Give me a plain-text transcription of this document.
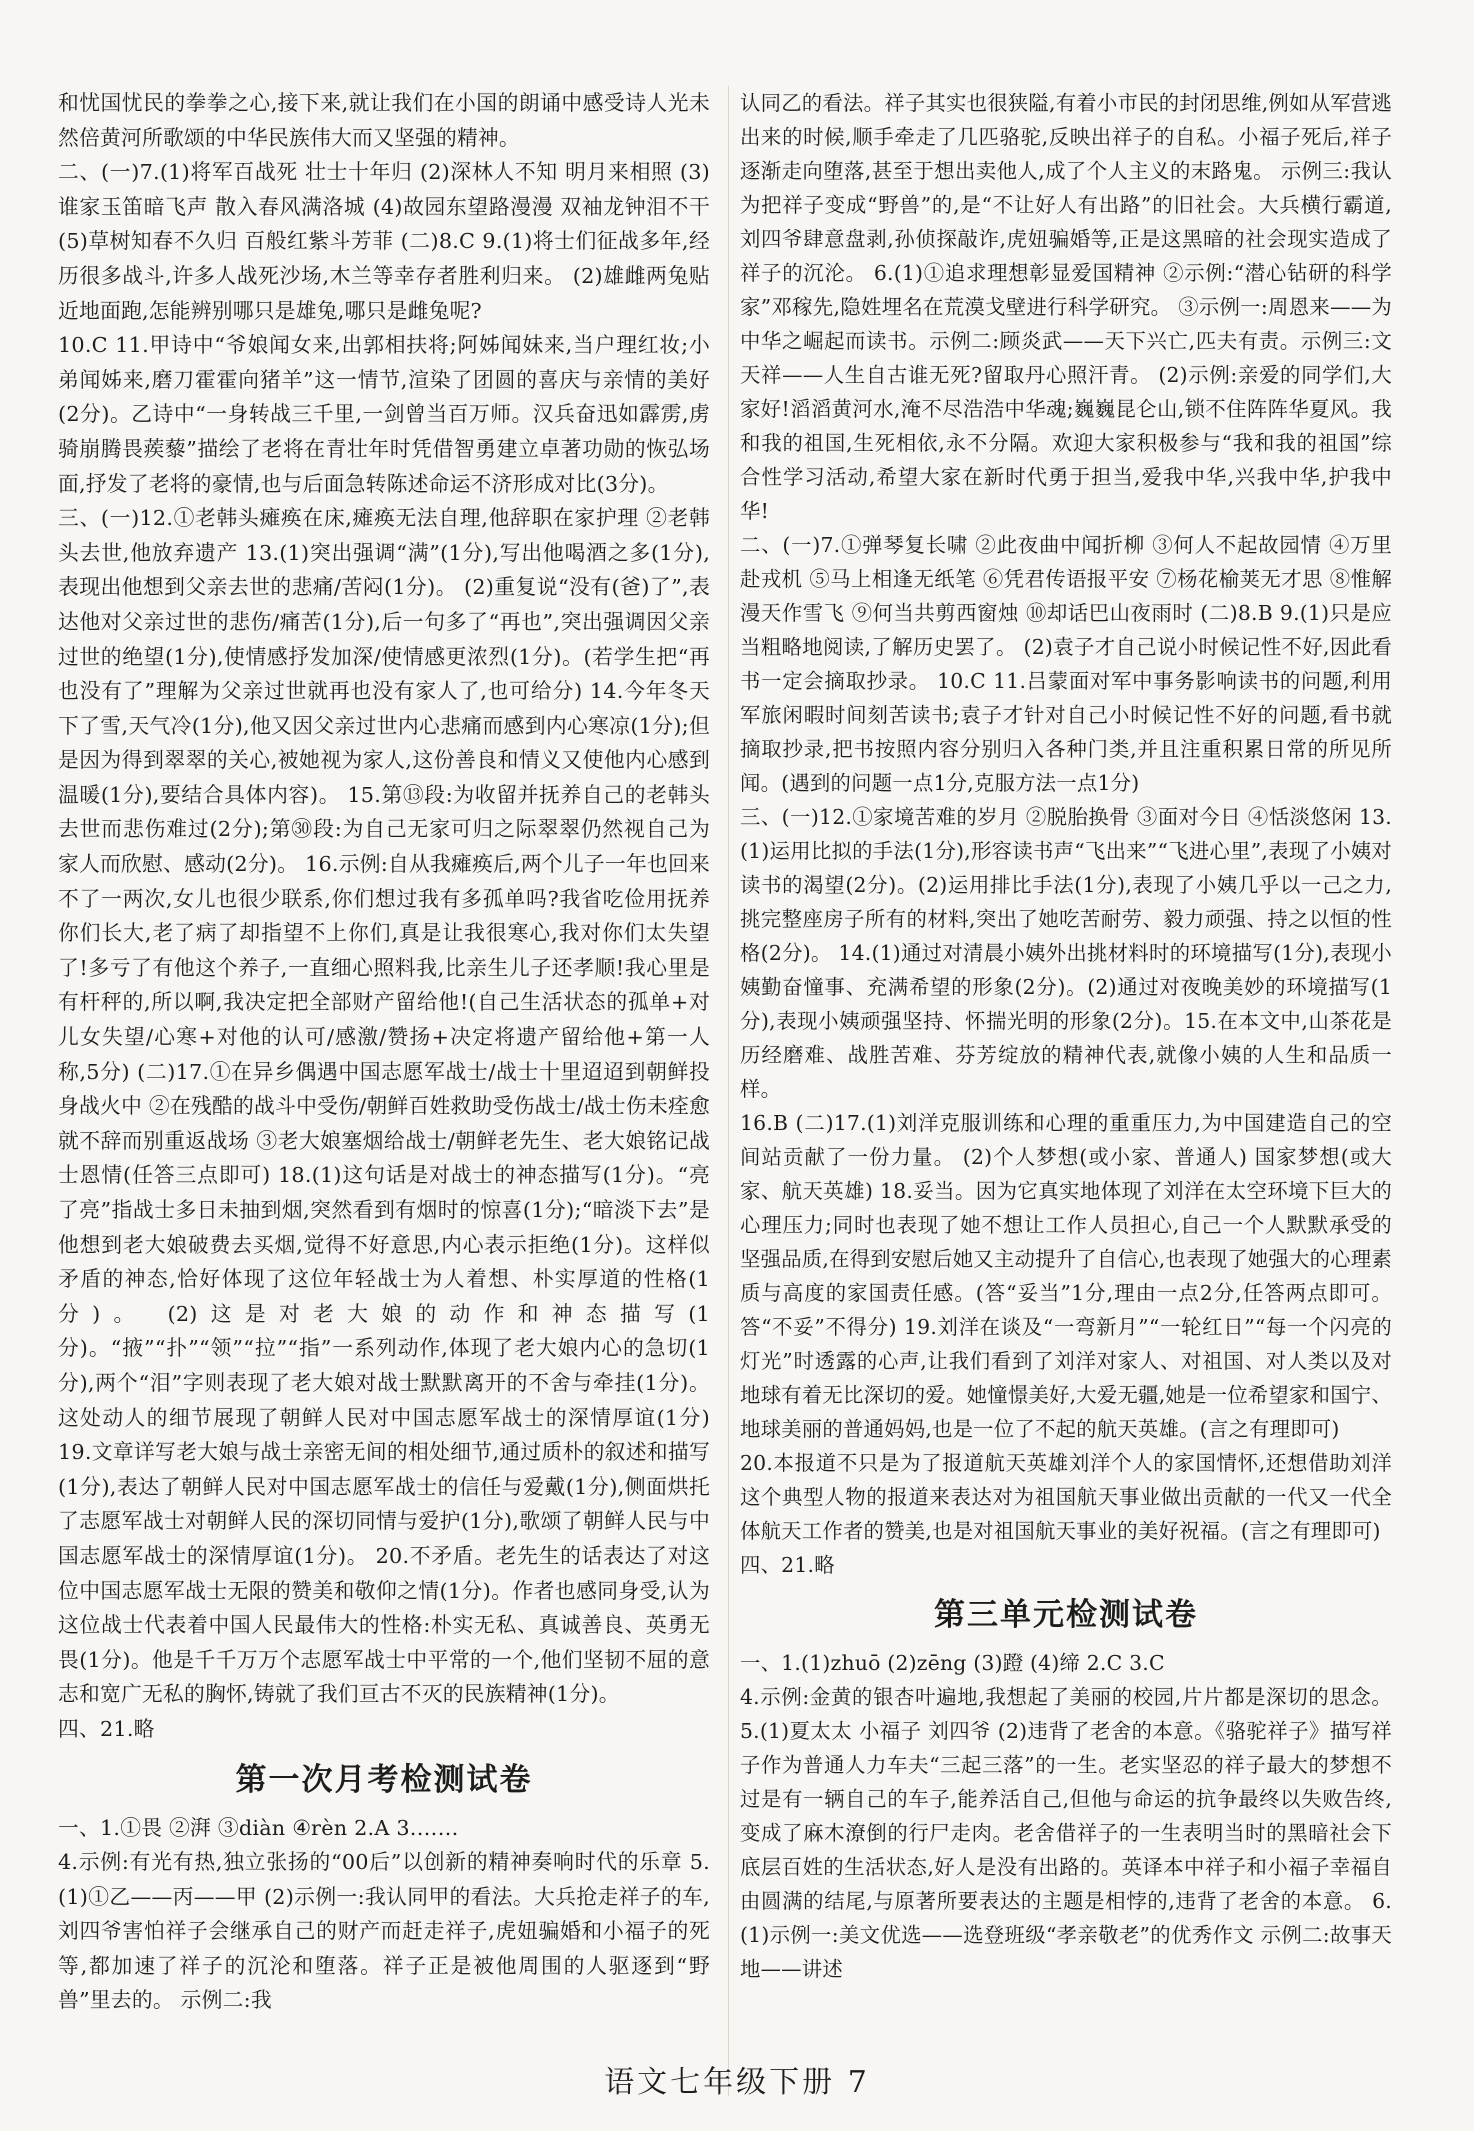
和忧国忧民的拳拳之心,接下来,就让我们在小国的朗诵中感受诗人光未然倍黄河所歌颂的中华民族伟大而又坚强的精神。

二、(一)7.(1)将军百战死 壮士十年归 (2)深林人不知 明月来相照 (3)谁家玉笛暗飞声 散入春风满洛城 (4)故园东望路漫漫 双袖龙钟泪不干 (5)草树知春不久归 百般红紫斗芳菲 (二)8.C 9.(1)将士们征战多年,经历很多战斗,许多人战死沙场,木兰等幸存者胜利归来。 (2)雄雌两兔贴近地面跑,怎能辨别哪只是雄兔,哪只是雌兔呢?

10.C 11.甲诗中“爷娘闻女来,出郭相扶将;阿姊闻妹来,当户理红妆;小弟闻姊来,磨刀霍霍向猪羊”这一情节,渲染了团圆的喜庆与亲情的美好(2分)。乙诗中“一身转战三千里,一剑曾当百万师。汉兵奋迅如霹雳,虏骑崩腾畏蒺藜”描绘了老将在青壮年时凭借智勇建立卓著功勋的恢弘场面,抒发了老将的豪情,也与后面急转陈述命运不济形成对比(3分)。

三、(一)12.①老韩头瘫痪在床,瘫痪无法自理,他辞职在家护理 ②老韩头去世,他放弃遗产 13.(1)突出强调“满”(1分),写出他喝酒之多(1分),表现出他想到父亲去世的悲痛/苦闷(1分)。 (2)重复说“没有(爸)了”,表达他对父亲过世的悲伤/痛苦(1分),后一句多了“再也”,突出强调因父亲过世的绝望(1分),使情感抒发加深/使情感更浓烈(1分)。(若学生把“再也没有了”理解为父亲过世就再也没有家人了,也可给分) 14.今年冬天下了雪,天气冷(1分),他又因父亲过世内心悲痛而感到内心寒凉(1分);但是因为得到翠翠的关心,被她视为家人,这份善良和情义又使他内心感到温暖(1分),要结合具体内容)。 15.第⑬段:为收留并抚养自己的老韩头去世而悲伤难过(2分);第㉚段:为自己无家可归之际翠翠仍然视自己为家人而欣慰、感动(2分)。 16.示例:自从我瘫痪后,两个儿子一年也回来不了一两次,女儿也很少联系,你们想过我有多孤单吗?我省吃俭用抚养你们长大,老了病了却指望不上你们,真是让我很寒心,我对你们太失望了!多亏了有他这个养子,一直细心照料我,比亲生儿子还孝顺!我心里是有杆秤的,所以啊,我决定把全部财产留给他!(自己生活状态的孤单+对儿女失望/心寒+对他的认可/感激/赞扬+决定将遗产留给他+第一人称,5分) (二)17.①在异乡偶遇中国志愿军战士/战士十里迢迢到朝鲜投身战火中 ②在残酷的战斗中受伤/朝鲜百姓救助受伤战士/战士伤未痊愈就不辞而别重返战场 ③老大娘塞烟给战士/朝鲜老先生、老大娘铭记战士恩情(任答三点即可) 18.(1)这句话是对战士的神态描写(1分)。“亮了亮”指战士多日未抽到烟,突然看到有烟时的惊喜(1分);“暗淡下去”是他想到老大娘破费去买烟,觉得不好意思,内心表示拒绝(1分)。这样似矛盾的神态,恰好体现了这位年轻战士为人着想、朴实厚道的性格(1分)。 (2)这是对老大娘的动作和神态描写(1分)。“掖”“扑”“领”“拉”“指”一系列动作,体现了老大娘内心的急切(1分),两个“泪”字则表现了老大娘对战士默默离开的不舍与牵挂(1分)。这处动人的细节展现了朝鲜人民对中国志愿军战士的深情厚谊(1分) 19.文章详写老大娘与战士亲密无间的相处细节,通过质朴的叙述和描写(1分),表达了朝鲜人民对中国志愿军战士的信任与爱戴(1分),侧面烘托了志愿军战士对朝鲜人民的深切同情与爱护(1分),歌颂了朝鲜人民与中国志愿军战士的深情厚谊(1分)。 20.不矛盾。老先生的话表达了对这位中国志愿军战士无限的赞美和敬仰之情(1分)。作者也感同身受,认为这位战士代表着中国人民最伟大的性格:朴实无私、真诚善良、英勇无畏(1分)。他是千千万万个志愿军战士中平常的一个,他们坚韧不屈的意志和宽广无私的胸怀,铸就了我们亘古不灭的民族精神(1分)。

四、21.略

第一次月考检测试卷

一、1.①畏 ②湃 ③diàn ④rèn 2.A 3.……

4.示例:有光有热,独立张扬的“00后”以创新的精神奏响时代的乐章 5.(1)①乙——丙——甲 (2)示例一:我认同甲的看法。大兵抢走祥子的车,刘四爷害怕祥子会继承自己的财产而赶走祥子,虎妞骗婚和小福子的死等,都加速了祥子的沉沦和堕落。祥子正是被他周围的人驱逐到“野兽”里去的。 示例二:我

认同乙的看法。祥子其实也很狭隘,有着小市民的封闭思维,例如从军营逃出来的时候,顺手牵走了几匹骆驼,反映出祥子的自私。小福子死后,祥子逐渐走向堕落,甚至于想出卖他人,成了个人主义的末路鬼。 示例三:我认为把祥子变成“野兽”的,是“不让好人有出路”的旧社会。大兵横行霸道,刘四爷肆意盘剥,孙侦探敲诈,虎妞骗婚等,正是这黑暗的社会现实造成了祥子的沉沦。 6.(1)①追求理想彰显爱国精神 ②示例:“潜心钻研的科学家”邓稼先,隐姓埋名在荒漠戈壁进行科学研究。 ③示例一:周恩来——为中华之崛起而读书。示例二:顾炎武——天下兴亡,匹夫有责。示例三:文天祥——人生自古谁无死?留取丹心照汗青。 (2)示例:亲爱的同学们,大家好!滔滔黄河水,淹不尽浩浩中华魂;巍巍昆仑山,锁不住阵阵华夏风。我和我的祖国,生死相依,永不分隔。欢迎大家积极参与“我和我的祖国”综合性学习活动,希望大家在新时代勇于担当,爱我中华,兴我中华,护我中华!

二、(一)7.①弹琴复长啸 ②此夜曲中闻折柳 ③何人不起故园情 ④万里赴戎机 ⑤马上相逢无纸笔 ⑥凭君传语报平安 ⑦杨花榆荚无才思 ⑧惟解漫天作雪飞 ⑨何当共剪西窗烛 ⑩却话巴山夜雨时 (二)8.B 9.(1)只是应当粗略地阅读,了解历史罢了。 (2)袁子才自己说小时候记性不好,因此看书一定会摘取抄录。 10.C 11.吕蒙面对军中事务影响读书的问题,利用军旅闲暇时间刻苦读书;袁子才针对自己小时候记性不好的问题,看书就摘取抄录,把书按照内容分别归入各种门类,并且注重积累日常的所见所闻。(遇到的问题一点1分,克服方法一点1分)

三、(一)12.①家境苦难的岁月 ②脱胎换骨 ③面对今日 ④恬淡悠闲 13.(1)运用比拟的手法(1分),形容读书声“飞出来”“飞进心里”,表现了小姨对读书的渴望(2分)。(2)运用排比手法(1分),表现了小姨几乎以一己之力,挑完整座房子所有的材料,突出了她吃苦耐劳、毅力顽强、持之以恒的性格(2分)。 14.(1)通过对清晨小姨外出挑材料时的环境描写(1分),表现小姨勤奋憧事、充满希望的形象(2分)。(2)通过对夜晚美妙的环境描写(1分),表现小姨顽强坚持、怀揣光明的形象(2分)。15.在本文中,山茶花是历经磨难、战胜苦难、芬芳绽放的精神代表,就像小姨的人生和品质一样。

16.B (二)17.(1)刘洋克服训练和心理的重重压力,为中国建造自己的空间站贡献了一份力量。 (2)个人梦想(或小家、普通人) 国家梦想(或大家、航天英雄) 18.妥当。因为它真实地体现了刘洋在太空环境下巨大的心理压力;同时也表现了她不想让工作人员担心,自己一个人默默承受的坚强品质,在得到安慰后她又主动提升了自信心,也表现了她强大的心理素质与高度的家国责任感。(答“妥当”1分,理由一点2分,任答两点即可。答“不妥”不得分) 19.刘洋在谈及“一弯新月”“一轮红日”“每一个闪亮的灯光”时透露的心声,让我们看到了刘洋对家人、对祖国、对人类以及对地球有着无比深切的爱。她憧憬美好,大爱无疆,她是一位希望家和国宁、地球美丽的普通妈妈,也是一位了不起的航天英雄。(言之有理即可)

20.本报道不只是为了报道航天英雄刘洋个人的家国情怀,还想借助刘洋这个典型人物的报道来表达对为祖国航天事业做出贡献的一代又一代全体航天工作者的赞美,也是对祖国航天事业的美好祝福。(言之有理即可)

四、21.略

第三单元检测试卷

一、1.(1)zhuō (2)zēng (3)蹬 (4)缔 2.C 3.C

4.示例:金黄的银杏叶遍地,我想起了美丽的校园,片片都是深切的思念。 5.(1)夏太太 小福子 刘四爷 (2)违背了老舍的本意。《骆驼祥子》描写祥子作为普通人力车夫“三起三落”的一生。老实坚忍的祥子最大的梦想不过是有一辆自己的车子,能养活自己,但他与命运的抗争最终以失败告终,变成了麻木潦倒的行尸走肉。老舍借祥子的一生表明当时的黑暗社会下底层百姓的生活状态,好人是没有出路的。英译本中祥子和小福子幸福自由圆满的结尾,与原著所要表达的主题是相悖的,违背了老舍的本意。 6.(1)示例一:美文优选——选登班级“孝亲敬老”的优秀作文 示例二:故事天地——讲述

语文七年级下册 7
